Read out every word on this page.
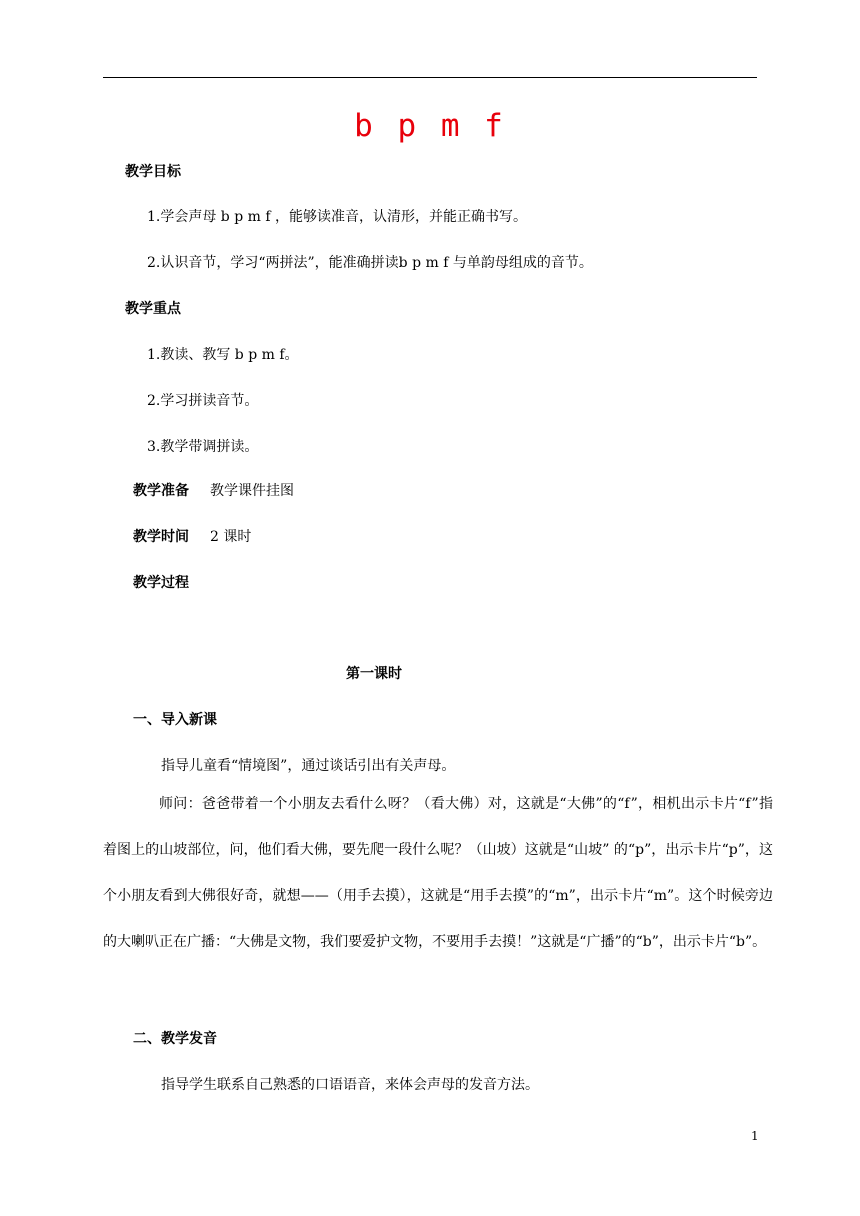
b p m f
教学目标
1.学会声母 b p m f ，能够读准音，认清形，并能正确书写。
2.认识音节，学习“两拼法”，能准确拼读b p m f 与单韵母组成的音节。
教学重点
1.教读、教写 b p m f。
2.学习拼读音节。
3.教学带调拼读。
教学准备 教学课件挂图
教学时间 2 课时
教学过程
第一课时
一、导入新课
指导儿童看“情境图”，通过谈话引出有关声母。
师问：爸爸带着一个小朋友去看什么呀？（看大佛）对，这就是“大佛”的“f”，相机出示卡片“f”指着图上的山坡部位，问，他们看大佛，要先爬一段什么呢？（山坡）这就是“山坡” 的“p”，出示卡片“p”，这个小朋友看到大佛很好奇，就想——（用手去摸），这就是“用手去摸”的“m”，出示卡片“m”。这个时候旁边的大喇叭正在广播：“大佛是文物，我们要爱护文物，不要用手去摸！”这就是“广播”的“b”，出示卡片“b”。
二、教学发音
指导学生联系自己熟悉的口语语音，来体会声母的发音方法。
1
